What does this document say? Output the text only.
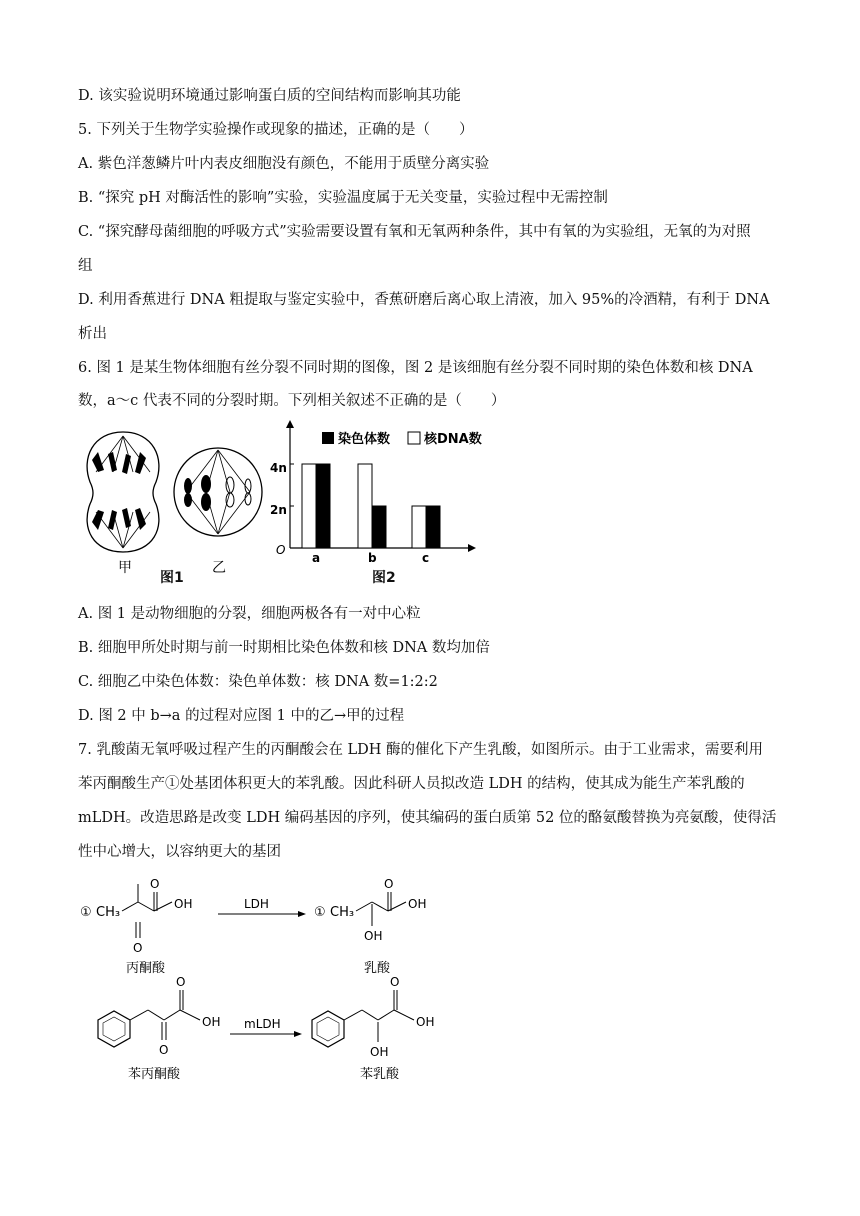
D. 该实验说明环境通过影响蛋白质的空间结构而影响其功能
5. 下列关于生物学实验操作或现象的描述，正确的是（　　）
A. 紫色洋葱鳞片叶内表皮细胞没有颜色，不能用于质壁分离实验
B. “探究 pH 对酶活性的影响”实验，实验温度属于无关变量，实验过程中无需控制
C. “探究酵母菌细胞的呼吸方式”实验需要设置有氧和无氧两种条件，其中有氧的为实验组，无氧的为对照
组
D. 利用香蕉进行 DNA 粗提取与鉴定实验中，香蕉研磨后离心取上清液，加入 95%的冷酒精，有利于 DNA
析出
6. 图 1 是某生物体细胞有丝分裂不同时期的图像，图 2 是该细胞有丝分裂不同时期的染色体数和核 DNA
数，a～c 代表不同的分裂时期。下列相关叙述不正确的是（　　）
甲	乙
图1
O
4n
2n
染色体数	核DNA数
a	b	c
图2
A. 图 1 是动物细胞的分裂，细胞两极各有一对中心粒
B. 细胞甲所处时期与前一时期相比染色体数和核 DNA 数均加倍
C. 细胞乙中染色体数：染色单体数：核 DNA 数=1:2:2
D. 图 2 中 b→a 的过程对应图 1 中的乙→甲的过程
7. 乳酸菌无氧呼吸过程产生的丙酮酸会在 LDH 酶的催化下产生乳酸，如图所示。由于工业需求，需要利用
苯丙酮酸生产①处基团体积更大的苯乳酸。因此科研人员拟改造 LDH 的结构，使其成为能生产苯乳酸的
mLDH。改造思路是改变 LDH 编码基因的序列，使其编码的蛋白质第 52 位的酪氨酸替换为亮氨酸，使得活
性中心增大，以容纳更大的基团
① CH₃
O
O
OH
丙酮酸
LDH
① CH₃
O
OH
OH
乳酸
O
O
OH
苯丙酮酸
mLDH
O
OH
OH
苯乳酸
